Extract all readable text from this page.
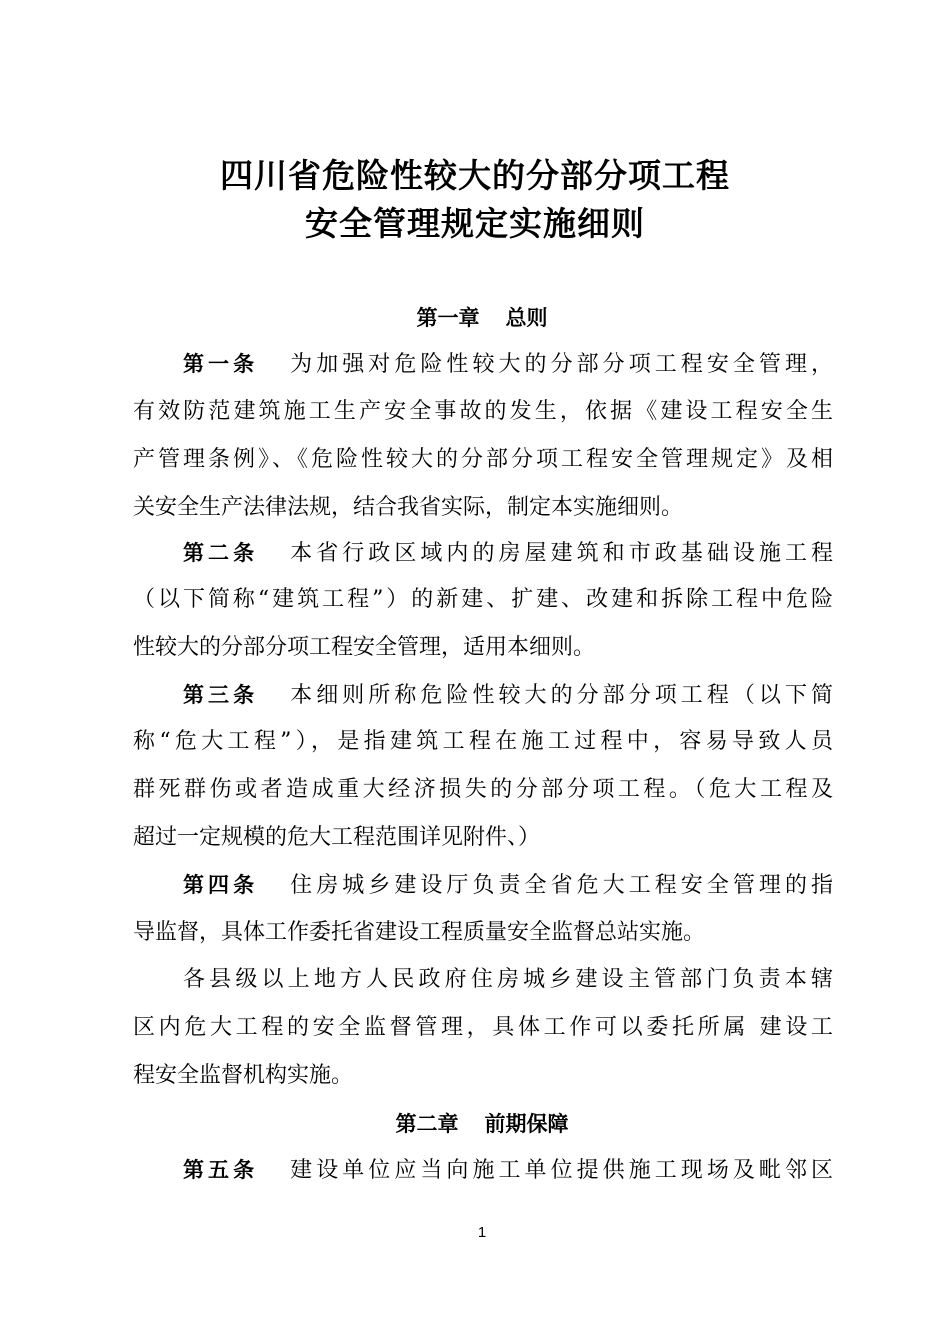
四川省危险性较大的分部分项工程
安全管理规定实施细则
第一章 总则
第一条 为加强对危险性较大的分部分项工程安全管理，
有效防范建筑施工生产安全事故的发生，依据《建设工程安全生
产管理条例》、《危险性较大的分部分项工程安全管理规定》及相
关安全生产法律法规，结合我省实际，制定本实施细则。
第二条 本省行政区域内的房屋建筑和市政基础设施工程
（以下简称“建筑工程”）的新建、扩建、改建和拆除工程中危险
性较大的分部分项工程安全管理，适用本细则。
第三条 本细则所称危险性较大的分部分项工程（以下简
称“危大工程”），是指建筑工程在施工过程中，容易导致人员
群死群伤或者造成重大经济损失的分部分项工程。（危大工程及
超过一定规模的危大工程范围详见附件、）
第四条 住房城乡建设厅负责全省危大工程安全管理的指
导监督，具体工作委托省建设工程质量安全监督总站实施。
各县级以上地方人民政府住房城乡建设主管部门负责本辖
区内危大工程的安全监督管理，具体工作可以委托所属 建设工
程安全监督机构实施。
第二章 前期保障
第五条 建设单位应当向施工单位提供施工现场及毗邻区
1
